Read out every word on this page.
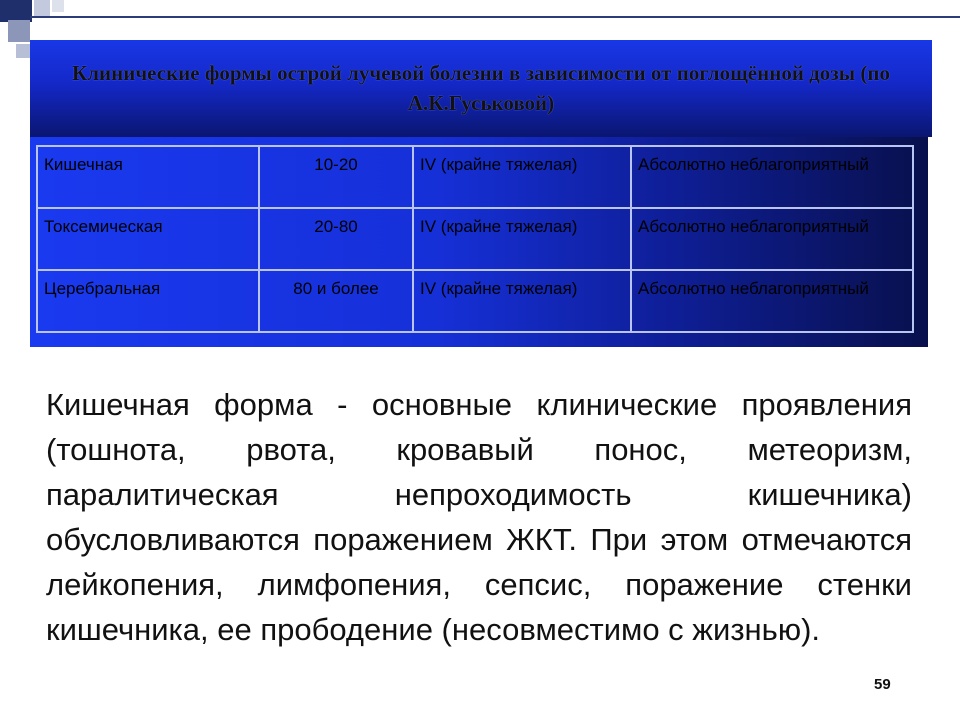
Клинические формы острой лучевой болезни в зависимости от поглощённой дозы (по А.К.Гуськовой)
Кишечная	10-20	IV (крайне тяжелая)	Абсолютно неблагоприятный
Токсемическая	20-80	IV (крайне тяжелая)	Абсолютно неблагоприятный
Церебральная	80 и более	IV (крайне тяжелая)	Абсолютно неблагоприятный
Кишечная форма - основные клинические проявления (тошнота, рвота, кровавый понос, метеоризм, паралитическая непроходимость кишечника) обусловливаются поражением ЖКТ. При этом отмечаются лейкопения, лимфопения, сепсис, поражение стенки кишечника, ее прободение (несовместимо с жизнью).
59
